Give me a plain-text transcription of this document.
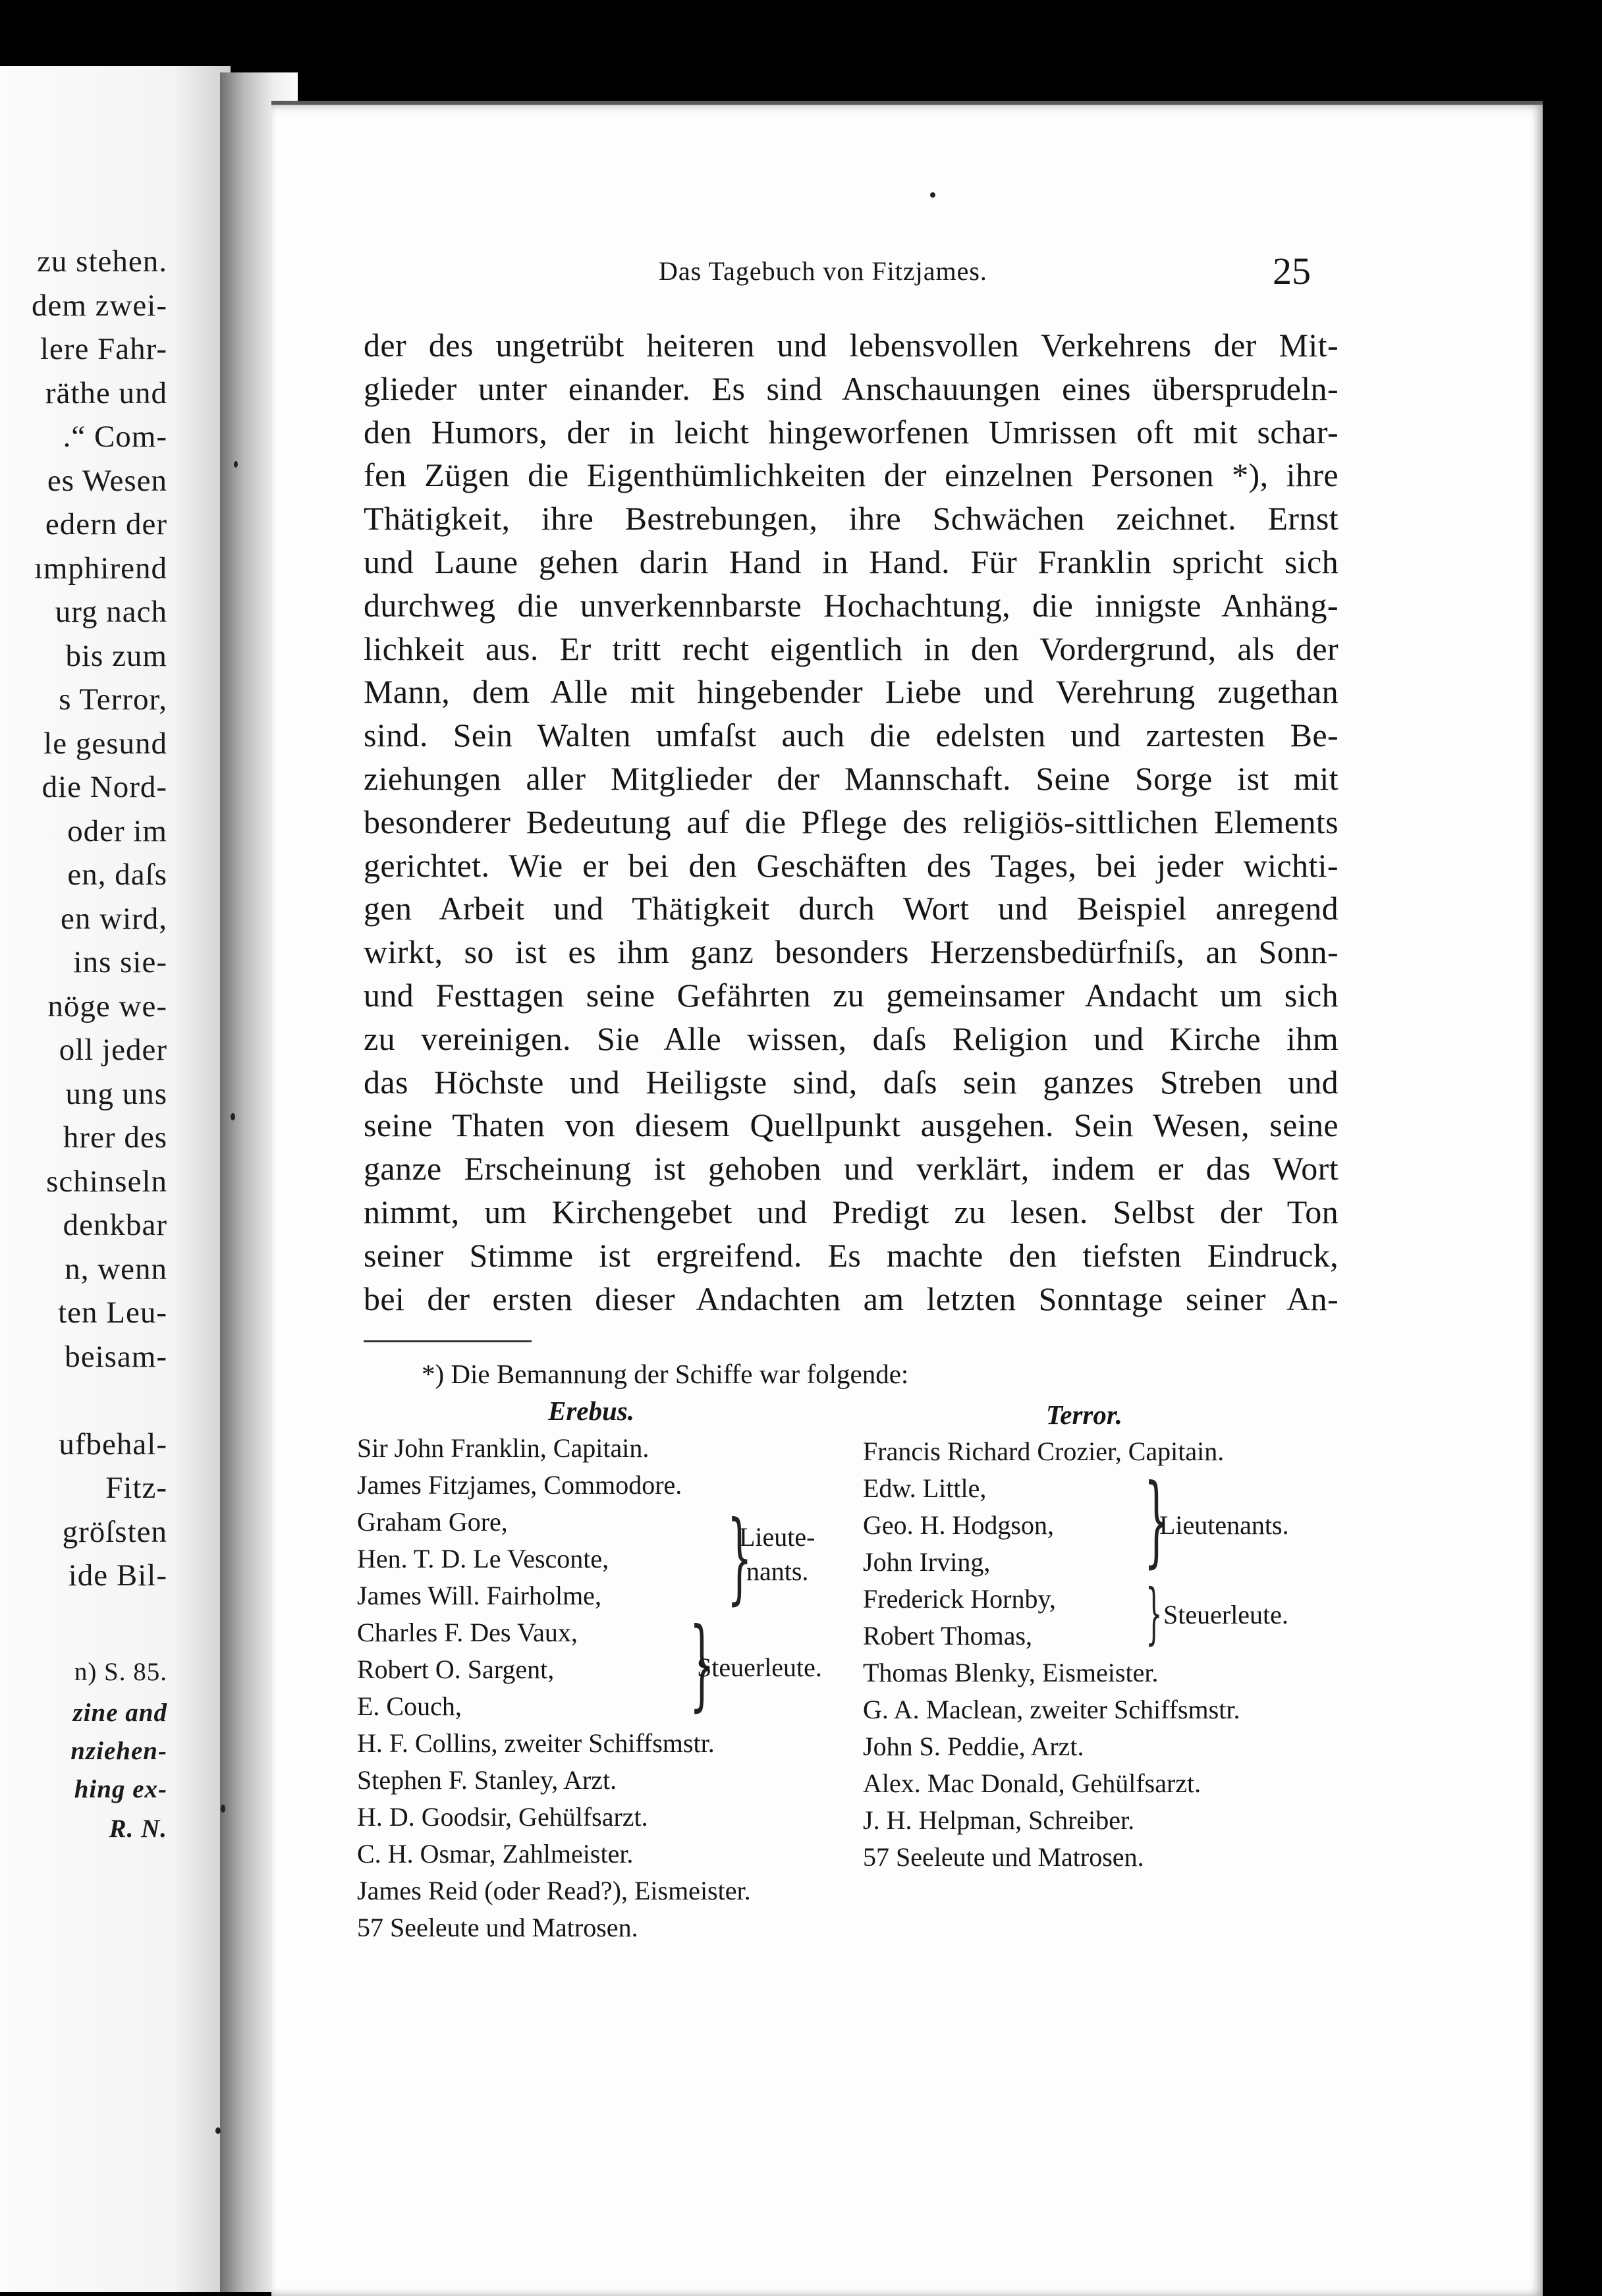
zu stehen.
dem zwei-
lere Fahr-
räthe und
.“ Com-
es Wesen
edern der
ımphirend
urg nach
bis zum
s Terror,
le gesund
die Nord-
oder im
en, daſs
en wird,
ins sie-
nöge we-
oll jeder
ung uns
hrer des
schinseln
denkbar
n, wenn
ten Leu-
beisam-
ufbehal-
Fitz-
gröſsten
ide Bil-
n) S. 85.
zine and
nziehen-
hing ex-
R. N.
Das Tagebuch von Fitzjames.	25
der des ungetrübt heiteren und lebensvollen Verkehrens der Mit-
glieder unter einander. Es sind Anschauungen eines übersprudeln-
den Humors, der in leicht hingeworfenen Umrissen oft mit schar-
fen Zügen die Eigenthümlichkeiten der einzelnen Personen *), ihre
Thätigkeit, ihre Bestrebungen, ihre Schwächen zeichnet. Ernst
und Laune gehen darin Hand in Hand. Für Franklin spricht sich
durchweg die unverkennbarste Hochachtung, die innigste Anhäng-
lichkeit aus. Er tritt recht eigentlich in den Vordergrund, als der
Mann, dem Alle mit hingebender Liebe und Verehrung zugethan
sind. Sein Walten umfaſst auch die edelsten und zartesten Be-
ziehungen aller Mitglieder der Mannschaft. Seine Sorge ist mit
besonderer Bedeutung auf die Pflege des religiös-sittlichen Elements
gerichtet. Wie er bei den Geschäften des Tages, bei jeder wichti-
gen Arbeit und Thätigkeit durch Wort und Beispiel anregend
wirkt, so ist es ihm ganz besonders Herzensbedürfniſs, an Sonn-
und Festtagen seine Gefährten zu gemeinsamer Andacht um sich
zu vereinigen. Sie Alle wissen, daſs Religion und Kirche ihm
das Höchste und Heiligste sind, daſs sein ganzes Streben und
seine Thaten von diesem Quellpunkt ausgehen. Sein Wesen, seine
ganze Erscheinung ist gehoben und verklärt, indem er das Wort
nimmt, um Kirchengebet und Predigt zu lesen. Selbst der Ton
seiner Stimme ist ergreifend. Es machte den tiefsten Eindruck,
bei der ersten dieser Andachten am letzten Sonntage seiner An-
*) Die Bemannung der Schiffe war folgende:
Erebus.	Terror.
Sir John Franklin, Capitain.
James Fitzjames, Commodore.
Graham Gore,
Hen. T. D. Le Vesconte,
James Will. Fairholme,
Charles F. Des Vaux,
Robert O. Sargent,
E. Couch,
H. F. Collins, zweiter Schiffsmstr.
Stephen F. Stanley, Arzt.
H. D. Goodsir, Gehülfsarzt.
C. H. Osmar, Zahlmeister.
James Reid (oder Read?), Eismeister.
57 Seeleute und Matrosen.
Francis Richard Crozier, Capitain.
Edw. Little,
Geo. H. Hodgson,
John Irving,
Frederick Hornby,
Robert Thomas,
Thomas Blenky, Eismeister.
G. A. Maclean, zweiter Schiffsmstr.
John S. Peddie, Arzt.
Alex. Mac Donald, Gehülfsarzt.
J. H. Helpman, Schreiber.
57 Seeleute und Matrosen.
}
Lieute-
nants.
}
Steuerleute.
}
Lieutenants.
} Steuerleute.
